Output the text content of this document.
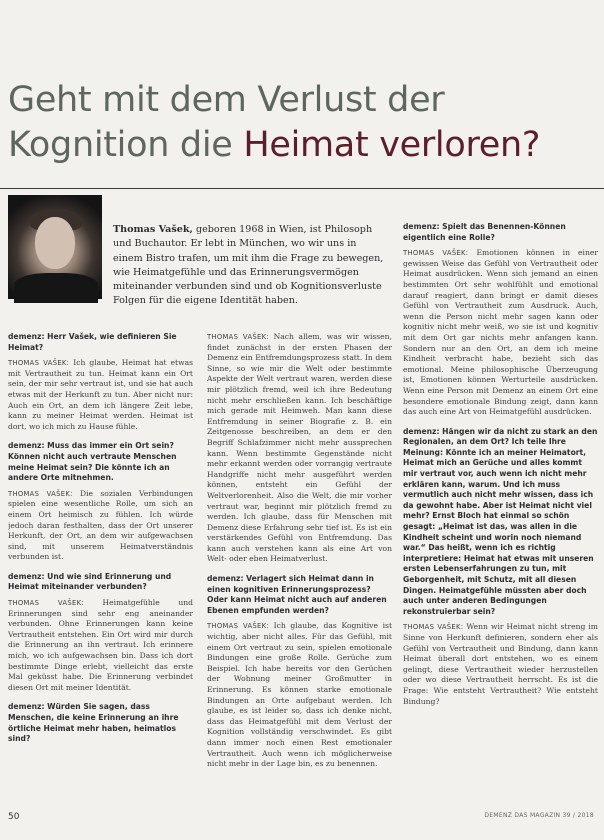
Geht mit dem Verlust der
Kognition die Heimat verloren?
Thomas Vašek, geboren 1968 in Wien, ist Philosoph und Buchautor. Er lebt in München, wo wir uns in einem Bistro trafen, um mit ihm die Frage zu bewegen, wie Heimatgefühle und das Erinnerungsvermögen miteinander verbunden sind und ob Kognitionsverluste Folgen für die eigene Identität haben.

demenz: Herr Vašek, wie definieren Sie Heimat?

THOMAS VAŠEK: Ich glaube, Heimat hat etwas mit Vertrautheit zu tun. Heimat kann ein Ort sein, der mir sehr vertraut ist, und sie hat auch etwas mit der Herkunft zu tun. Aber nicht nur: Auch ein Ort, an dem ich längere Zeit lebe, kann zu meiner Heimat werden. Heimat ist dort, wo ich mich zu Hause fühle.

demenz: Muss das immer ein Ort sein? Können nicht auch vertraute Menschen meine Heimat sein? Die könnte ich an andere Orte mitnehmen.

THOMAS VAŠEK: Die sozialen Verbindungen spielen eine wesentliche Rolle, um sich an einem Ort heimisch zu fühlen. Ich würde jedoch daran festhalten, dass der Ort unserer Herkunft, der Ort, an dem wir aufgewachsen sind, mit unserem Heimatverständnis verbunden ist.

demenz: Und wie sind Erinnerung und Heimat miteinander verbunden?

THOMAS VAŠEK: Heimatgefühle und Erinnerungen sind sehr eng aneinander verbunden. Ohne Erinnerungen kann keine Vertrautheit entstehen. Ein Ort wird mir durch die Erinnerung an ihn vertraut. Ich erinnere mich, wo ich aufgewachsen bin. Dass ich dort bestimmte Dinge erlebt, vielleicht das erste Mal geküsst habe. Die Erinnerung verbindet diesen Ort mit meiner Identität.

demenz: Würden Sie sagen, dass Menschen, die keine Erinnerung an ihre örtliche Heimat mehr haben, heimatlos sind?

THOMAS VAŠEK: Nach allem, was wir wissen, findet zunächst in der ersten Phasen der Demenz ein Entfremdungsprozess statt. In dem Sinne, so wie mir die Welt oder bestimmte Aspekte der Welt vertraut waren, werden diese mir plötzlich fremd, weil ich ihre Bedeutung nicht mehr erschließen kann. Ich beschäftige mich gerade mit Heimweh. Man kann diese Entfremdung in seiner Biografie z. B. ein Zeitgenosse beschreiben, an dem er den Begriff Schlafzimmer nicht mehr aussprechen kann. Wenn bestimmte Gegenstände nicht mehr erkannt werden oder vorrangig vertraute Handgriffe nicht mehr ausgeführt werden können, entsteht ein Gefühl der Weltverlorenheit. Also die Welt, die mir vorher vertraut war, beginnt mir plötzlich fremd zu werden. Ich glaube, dass für Menschen mit Demenz diese Erfahrung sehr tief ist. Es ist ein verstärkendes Gefühl von Entfremdung. Das kann auch verstehen kann als eine Art von Welt- oder eben Heimatverlust.

demenz: Verlagert sich Heimat dann in einen kognitiven Erinnerungsprozess? Oder kann Heimat nicht auch auf anderen Ebenen empfunden werden?

THOMAS VAŠEK: Ich glaube, das Kognitive ist wichtig, aber nicht alles. Für das Gefühl, mit einem Ort vertraut zu sein, spielen emotionale Bindungen eine große Rolle. Gerüche zum Beispiel. Ich habe bereits vor den Gerüchen der Wohnung meiner Großmutter in Erinnerung. Es können starke emotionale Bindungen an Orte aufgebaut werden. Ich glaube, es ist leider so, dass ich denke nicht, dass das Heimatgefühl mit dem Verlust der Kognition vollständig verschwindet. Es gibt dann immer noch einen Rest emotionaler Vertrautheit. Auch wenn ich möglicherweise nicht mehr in der Lage bin, es zu benennen.

demenz: Spielt das Benennen-Können eigentlich eine Rolle?

THOMAS VAŠEK: Emotionen können in einer gewissen Weise das Gefühl von Vertrautheit oder Heimat ausdrücken. Wenn sich jemand an einen bestimmten Ort sehr wohlfühlt und emotional darauf reagiert, dann bringt er damit dieses Gefühl von Vertrautheit zum Ausdruck. Auch, wenn die Person nicht mehr sagen kann oder kognitiv nicht mehr weiß, wo sie ist und kognitiv mit dem Ort gar nichts mehr anfangen kann. Sondern nur an den Ort, an dem ich meine Kindheit verbracht habe, bezieht sich das emotional. Meine philosophische Überzeugung ist, Emotionen können Werturteile ausdrücken. Wenn eine Person mit Demenz an einem Ort eine besondere emotionale Bindung zeigt, dann kann das auch eine Art von Heimatgefühl ausdrücken.

demenz: Hängen wir da nicht zu stark an den Regionalen, an dem Ort? Ich teile Ihre Meinung: Könnte ich an meiner Heimatort, Heimat mich an Gerüche und alles kommt mir vertraut vor, auch wenn ich nicht mehr erklären kann, warum. Und ich muss vermutlich auch nicht mehr wissen, dass ich da gewohnt habe. Aber ist Heimat nicht viel mehr? Ernst Bloch hat einmal so schön gesagt: „Heimat ist das, was allen in die Kindheit scheint und worin noch niemand war.“ Das heißt, wenn ich es richtig interpretiere: Heimat hat etwas mit unseren ersten Lebenserfahrungen zu tun, mit Geborgenheit, mit Schutz, mit all diesen Dingen. Heimatgefühle müssten aber doch auch unter anderen Bedingungen rekonstruierbar sein?

THOMAS VAŠEK: Wenn wir Heimat nicht streng im Sinne von Herkunft definieren, sondern eher als Gefühl von Vertrautheit und Bindung, dann kann Heimat überall dort entstehen, wo es einem gelingt, diese Vertrautheit wieder herzustellen oder wo diese Vertrautheit herrscht. Es ist die Frage: Wie entsteht Vertrautheit? Wie entsteht Bindung?

50	DEMENZ DAS MAGAZIN 39 / 2018
